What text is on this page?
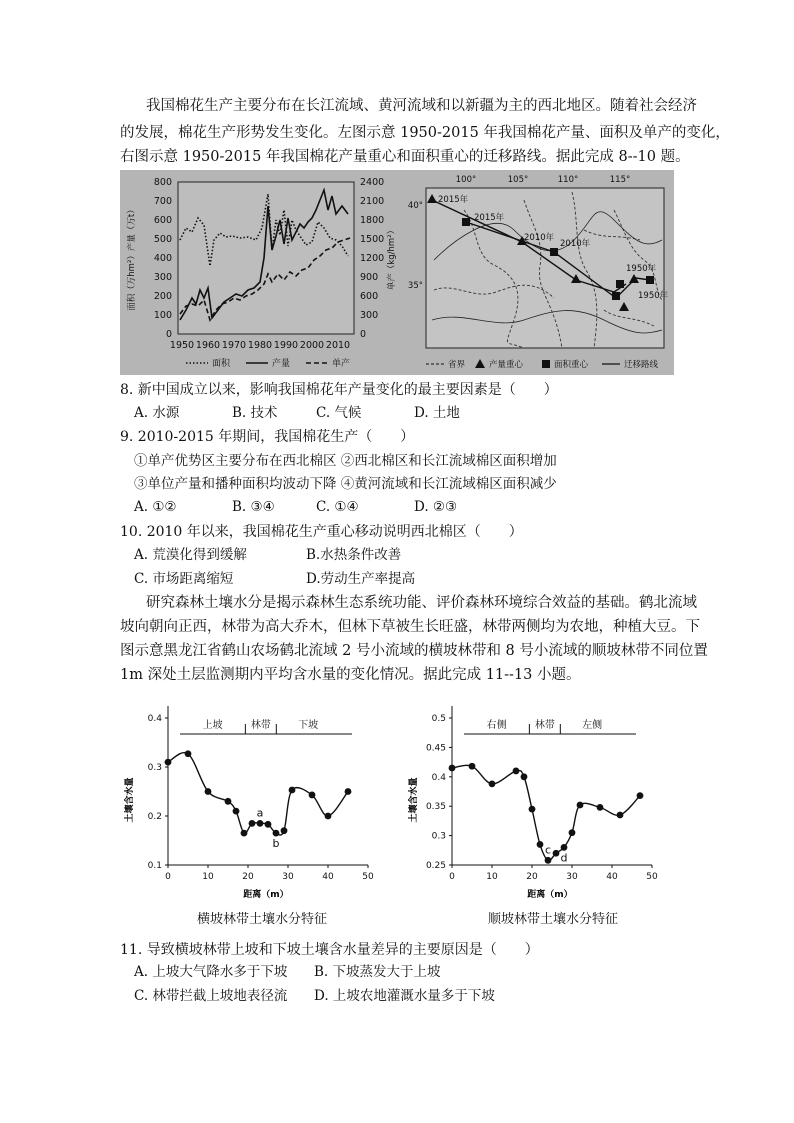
我国棉花生产主要分布在长江流域、黄河流域和以新疆为主的西北地区。随着社会经济
的发展，棉花生产形势发生变化。左图示意 1950-2015 年我国棉花产量、面积及单产的变化，
右图示意 1950-2015 年我国棉花产量重心和面积重心的迁移路线。据此完成 8--10 题。
800
700
600
500
400
300
200
100
0
2400
2100
1800
1500
1200
900
600
300
0
面积（万hm²）产量（万t）	单产（kg/hm²）
1950 1960 1970 1980 1990 2000 2010
面积	产量	单产
100°	105°	110°	115°
40°
35°
2015年
2015年
2010年
2010年
1950年
1950年
省界	产量重心	面积重心	迁移路线
8. 新中国成立以来，影响我国棉花年产量变化的最主要因素是（　　）
A. 水源	B. 技术	C. 气候	D. 土地
9. 2010-2015 年期间，我国棉花生产（　　）
①单产优势区主要分布在西北棉区 ②西北棉区和长江流域棉区面积增加
③单位产量和播种面积均波动下降 ④黄河流域和长江流域棉区面积减少
A. ①②	B. ③④	C. ①④	D. ②③
10. 2010 年以来，我国棉花生产重心移动说明西北棉区（　　）
A. 荒漠化得到缓解	B.水热条件改善
C. 市场距离缩短	D.劳动生产率提高
研究森林土壤水分是揭示森林生态系统功能、评价森林环境综合效益的基础。鹤北流域
坡向朝向正西，林带为高大乔木，但林下草被生长旺盛，林带两侧均为农地，种植大豆。下
图示意黑龙江省鹤山农场鹤北流域 2 号小流域的横坡林带和 8 号小流域的顺坡林带不同位置
1m 深处土层监测期内平均含水量的变化情况。据此完成 11--13 小题。
0.4
0.3
0.2
0.1
0	10	20	30	40	50
上坡	林带	下坡
a
b
土壤含水量
距离（m）
横坡林带土壤水分特征
0.5
0.45
0.4
0.35
0.3
0.25
0	10	20	30	40	50
右侧	林带	左侧
c
d
土壤含水量
距离（m）
顺坡林带土壤水分特征
11. 导致横坡林带上坡和下坡土壤含水量差异的主要原因是（　　）
A. 上坡大气降水多于下坡 B. 下坡蒸发大于上坡
C. 林带拦截上坡地表径流 D. 上坡农地灌溉水量多于下坡
